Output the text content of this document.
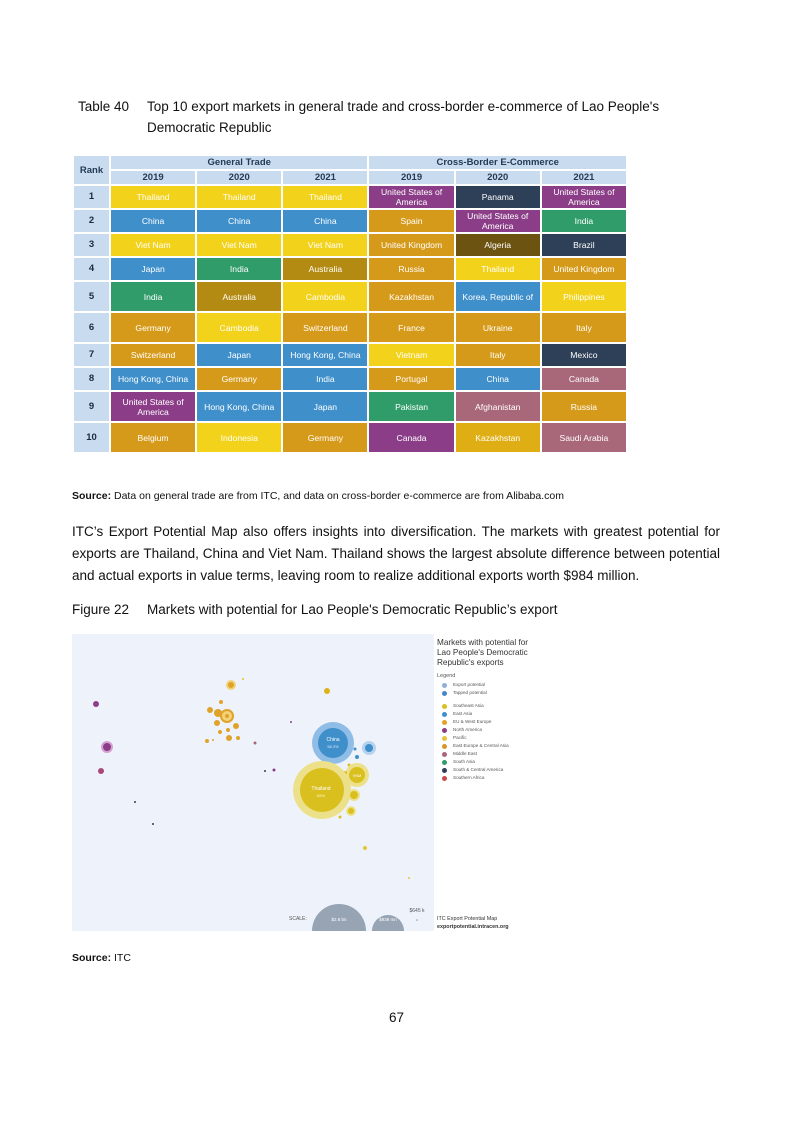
Table 40 Top 10 export markets in general trade and cross-border e-commerce of Lao People's
Democratic Republic
Rank	General Trade			Cross-Border E-Commerce		
	2019	2020	2021	2019	2020	2021
1	Thailand	Thailand	Thailand	United States of America	Panama	United States of America
2	China	China	China	Spain	United States of America	India
3	Viet Nam	Viet Nam	Viet Nam	United Kingdom	Algeria	Brazil
4	Japan	India	Australia	Russia	Thailand	United Kingdom
5	India	Australia	Cambodia	Kazakhstan	Korea, Republic of	Philippines
6	Germany	Cambodia	Switzerland	France	Ukraine	Italy
7	Switzerland	Japan	Hong Kong, China	Vietnam	Italy	Mexico
8	Hong Kong, China	Germany	India	Portugal	China	Canada
9	United States of America	Hong Kong, China	Japan	Pakistan	Afghanistan	Russia
10	Belgium	Indonesia	Germany	Canada	Kazakhstan	Saudi Arabia
Source: Data on general trade are from ITC, and data on cross-border e-commerce are from Alibaba.com
ITC’s Export Potential Map also offers insights into diversification. The markets with greatest potential for exports are Thailand, China and Viet Nam. Thailand shows the largest absolute difference between potential and actual exports in value terms, leaving room to realize additional exports worth $984 million.
Figure 22 Markets with potential for Lao People's Democratic Republic’s export
China
58.3%
VNM
Thailand
65%
SCALE:	$2.8 bn	$939 mn
$645 k
Markets with potential for
Lao People's Democratic
Republic's exports
Legend
Export potential
Tapped potential
Southeast Asia
East Asia
EU & West Europe
North America
Pacific
East Europe & Central Asia
Middle East
South Asia
South & Central America
Southern Africa
ITC Export Potential Map
exportpotential.intracen.org
Source: ITC
67
